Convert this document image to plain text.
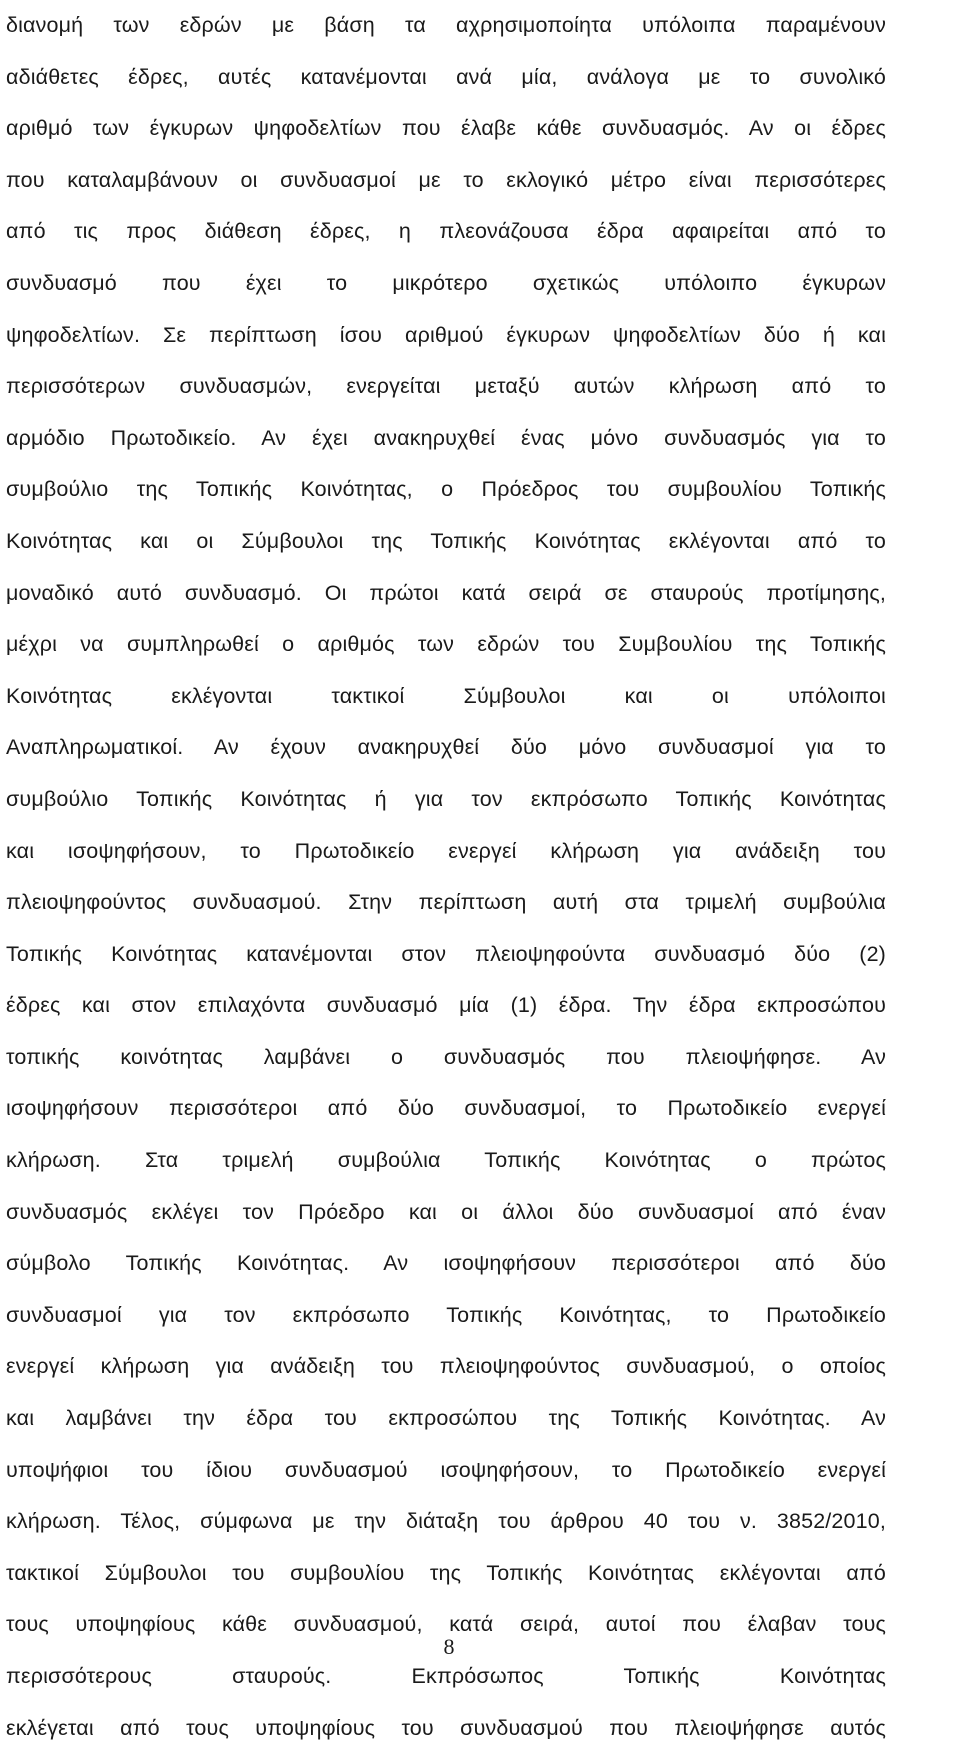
διανομή των εδρών με βάση τα αχρησιμοποίητα υπόλοιπα παραμένουν
αδιάθετες έδρες, αυτές κατανέμονται ανά μία, ανάλογα με το συνολικό
αριθμό των έγκυρων ψηφοδελτίων που έλαβε κάθε συνδυασμός. Αν οι έδρες
που καταλαμβάνουν οι συνδυασμοί με το εκλογικό μέτρο είναι περισσότερες
από τις προς διάθεση έδρες, η πλεονάζουσα έδρα αφαιρείται από το
συνδυασμό που έχει το μικρότερο σχετικώς υπόλοιπο έγκυρων
ψηφοδελτίων. Σε περίπτωση ίσου αριθμού έγκυρων ψηφοδελτίων δύο ή και
περισσότερων συνδυασμών, ενεργείται μεταξύ αυτών κλήρωση από το
αρμόδιο Πρωτοδικείο. Αν έχει ανακηρυχθεί ένας μόνο συνδυασμός για το
συμβούλιο της Τοπικής Κοινότητας, ο Πρόεδρος του συμβουλίου Τοπικής
Κοινότητας και οι Σύμβουλοι της Τοπικής Κοινότητας εκλέγονται από το
μοναδικό αυτό συνδυασμό. Οι πρώτοι κατά σειρά σε σταυρούς προτίμησης,
μέχρι να συμπληρωθεί ο αριθμός των εδρών του Συμβουλίου της Τοπικής
Κοινότητας εκλέγονται τακτικοί Σύμβουλοι και οι υπόλοιποι
Αναπληρωματικοί. Αν έχουν ανακηρυχθεί δύο μόνο συνδυασμοί για το
συμβούλιο Τοπικής Κοινότητας ή για τον εκπρόσωπο Τοπικής Κοινότητας
και ισοψηφήσουν, το Πρωτοδικείο ενεργεί κλήρωση για ανάδειξη του
πλειοψηφούντος συνδυασμού. Στην περίπτωση αυτή στα τριμελή συμβούλια
Τοπικής Κοινότητας κατανέμονται στον πλειοψηφούντα συνδυασμό δύο (2)
έδρες και στον επιλαχόντα συνδυασμό μία (1) έδρα. Την έδρα εκπροσώπου
τοπικής κοινότητας λαμβάνει ο συνδυασμός που πλειοψήφησε. Αν
ισοψηφήσουν περισσότεροι από δύο συνδυασμοί, το Πρωτοδικείο ενεργεί
κλήρωση. Στα τριμελή συμβούλια Τοπικής Κοινότητας ο πρώτος
συνδυασμός εκλέγει τον Πρόεδρο και οι άλλοι δύο συνδυασμοί από έναν
σύμβολο Τοπικής Κοινότητας. Αν ισοψηφήσουν περισσότεροι από δύο
συνδυασμοί για τον εκπρόσωπο Τοπικής Κοινότητας, το Πρωτοδικείο
ενεργεί κλήρωση για ανάδειξη του πλειοψηφούντος συνδυασμού, ο οποίος
και λαμβάνει την έδρα του εκπροσώπου της Τοπικής Κοινότητας. Αν
υποψήφιοι του ίδιου συνδυασμού ισοψηφήσουν, το Πρωτοδικείο ενεργεί
κλήρωση. Τέλος, σύμφωνα με την διάταξη του άρθρου 40 του ν. 3852/2010,
τακτικοί Σύμβουλοι του συμβουλίου της Τοπικής Κοινότητας εκλέγονται από
τους υποψηφίους κάθε συνδυασμού, κατά σειρά, αυτοί που έλαβαν τους
περισσότερους σταυρούς. Εκπρόσωπος Τοπικής Κοινότητας
εκλέγεται από τους υποψηφίους του συνδυασμού που πλειοψήφησε αυτός
8
